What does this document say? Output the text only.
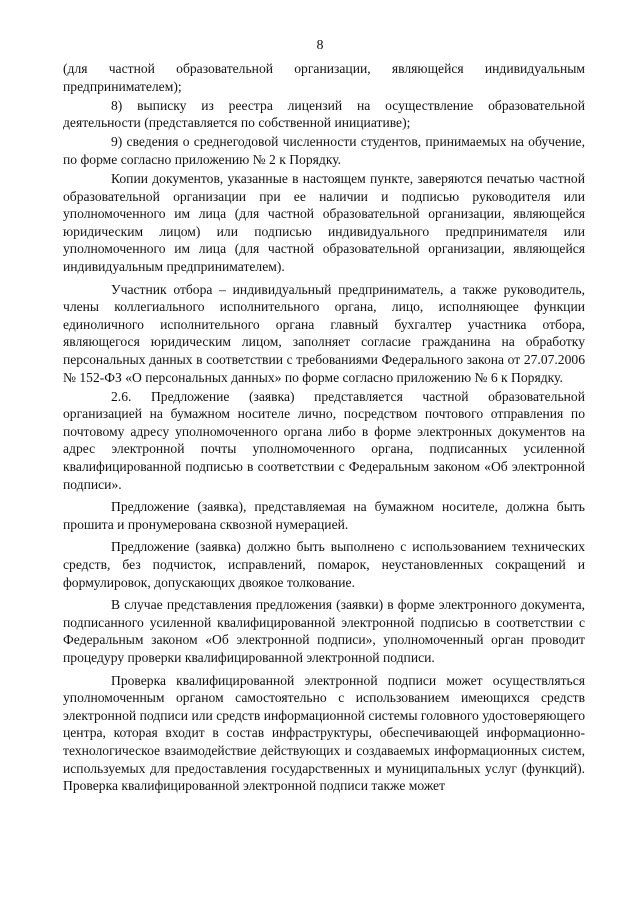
8

(для частной образовательной организации, являющейся индивидуальным предпринимателем);

8) выписку из реестра лицензий на осуществление образовательной деятельности (представляется по собственной инициативе);

9) сведения о среднегодовой численности студентов, принимаемых на обучение, по форме согласно приложению № 2 к Порядку.

Копии документов, указанные в настоящем пункте, заверяются печатью частной образовательной организации при ее наличии и подписью руководителя или уполномоченного им лица (для частной образовательной организации, являющейся юридическим лицом) или подписью индивидуального предпринимателя или уполномоченного им лица (для частной образовательной организации, являющейся индивидуальным предпринимателем).

Участник отбора – индивидуальный предприниматель, а также руководитель, члены коллегиального исполнительного органа, лицо, исполняющее функции единоличного исполнительного органа главный бухгалтер участника отбора, являющегося юридическим лицом, заполняет согласие гражданина на обработку персональных данных в соответствии с требованиями Федерального закона от 27.07.2006 № 152-ФЗ «О персональных данных» по форме согласно приложению № 6 к Порядку.

2.6. Предложение (заявка) представляется частной образовательной организацией на бумажном носителе лично, посредством почтового отправления по почтовому адресу уполномоченного органа либо в форме электронных документов на адрес электронной почты уполномоченного органа, подписанных усиленной квалифицированной подписью в соответствии с Федеральным законом «Об электронной подписи».

Предложение (заявка), представляемая на бумажном носителе, должна быть прошита и пронумерована сквозной нумерацией.

Предложение (заявка) должно быть выполнено с использованием технических средств, без подчисток, исправлений, помарок, неустановленных сокращений и формулировок, допускающих двоякое толкование.

В случае представления предложения (заявки) в форме электронного документа, подписанного усиленной квалифицированной электронной подписью в соответствии с Федеральным законом «Об электронной подписи», уполномоченный орган проводит процедуру проверки квалифицированной электронной подписи.

Проверка квалифицированной электронной подписи может осуществляться уполномоченным органом самостоятельно с использованием имеющихся средств электронной подписи или средств информационной системы головного удостоверяющего центра, которая входит в состав инфраструктуры, обеспечивающей информационно-технологическое взаимодействие действующих и создаваемых информационных систем, используемых для предоставления государственных и муниципальных услуг (функций). Проверка квалифицированной электронной подписи также может
